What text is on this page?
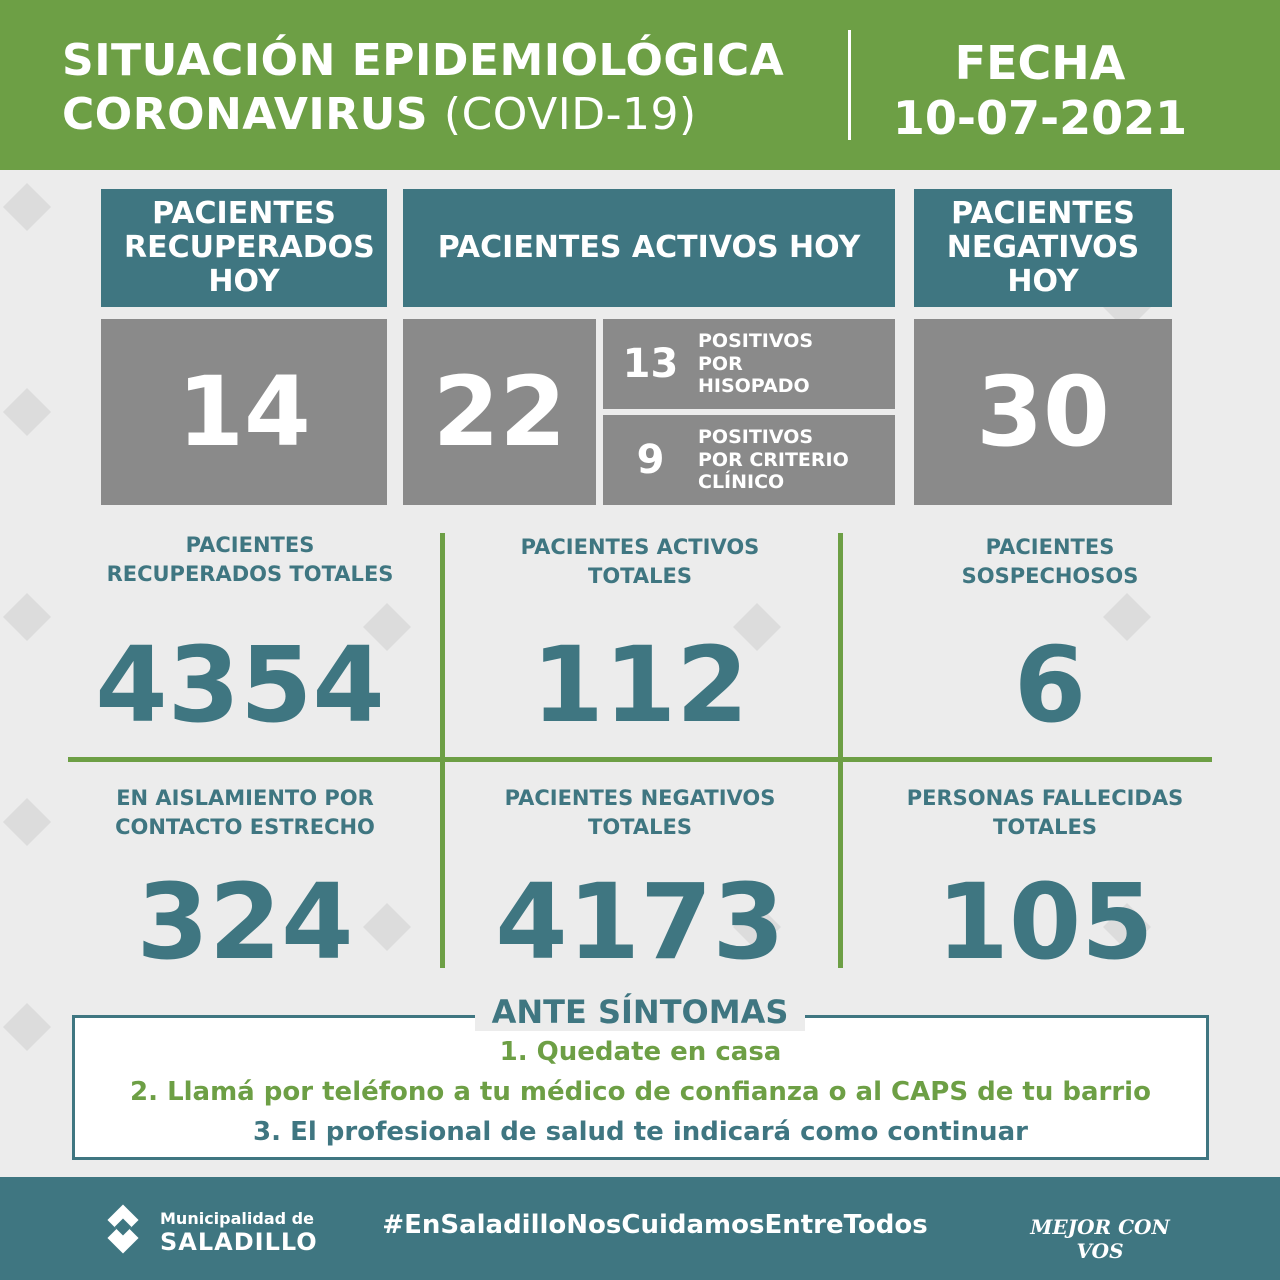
SITUACIÓN EPIDEMIOLÓGICA
CORONAVIRUS (COVID-19)
FECHA
10-07-2021
PACIENTES RECUPERADOS HOY
PACIENTES ACTIVOS HOY
PACIENTES NEGATIVOS HOY
14 22	13	POSITIVOS
POR
HISOPADO
9	POSITIVOS
POR CRITERIO
CLÍNICO
30
PACIENTES RECUPERADOS TOTALES
4354
PACIENTES ACTIVOS TOTALES
112
PACIENTES SOSPECHOSOS
6
EN AISLAMIENTO POR CONTACTO ESTRECHO
324
PACIENTES NEGATIVOS TOTALES
4173
PERSONAS FALLECIDAS TOTALES
105
ANTE SÍNTOMAS
1. Quedate en casa
2. Llamá por teléfono a tu médico de confianza o al CAPS de tu barrio
3. El profesional de salud te indicará como continuar
Municipalidad de
SALADILLO
#EnSaladilloNosCuidamosEntreTodos	MEJOR CON VOS
